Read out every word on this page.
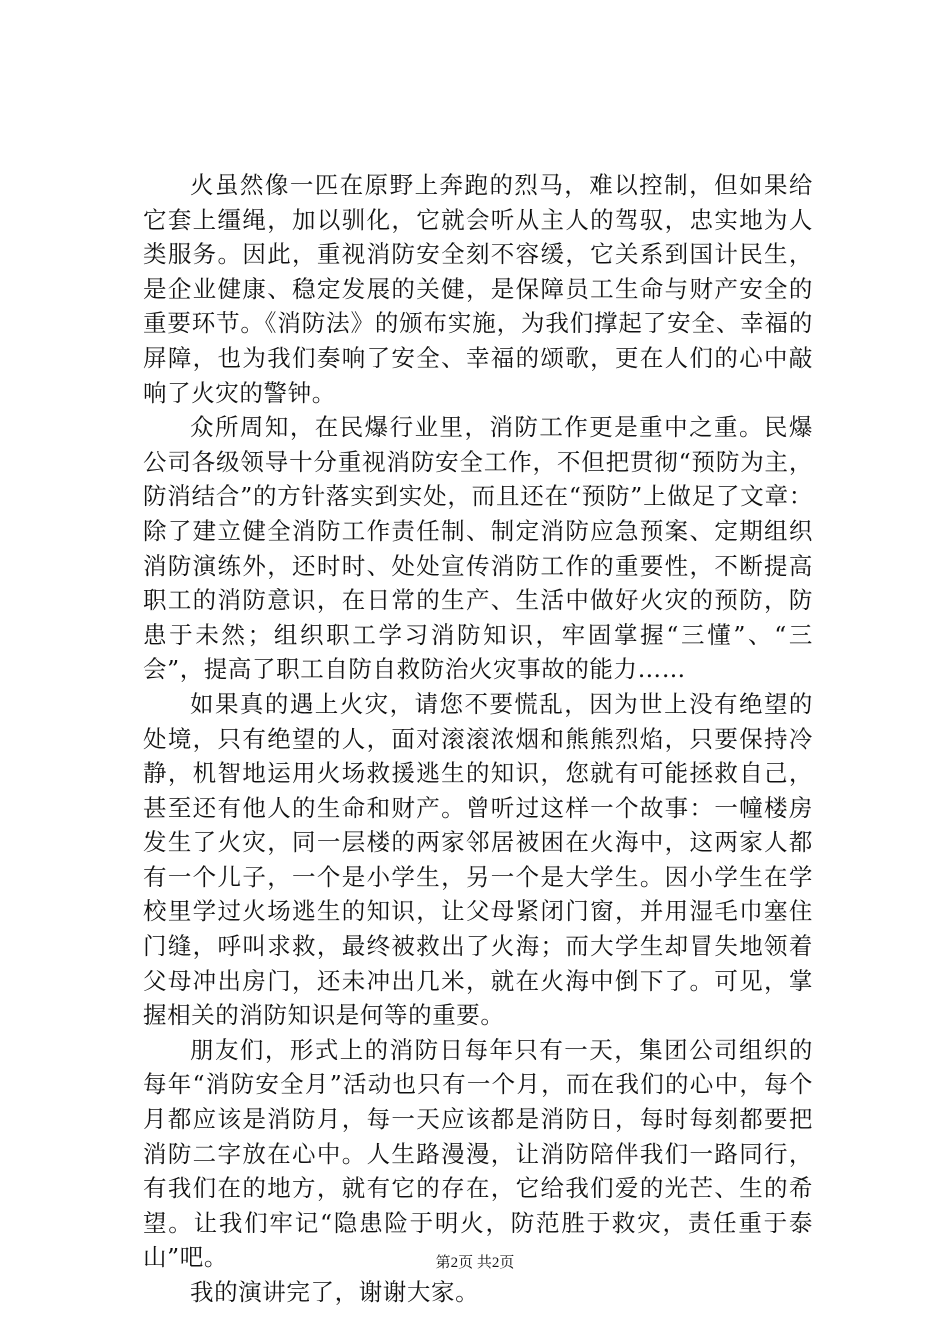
火虽然像一匹在原野上奔跑的烈马，难以控制，但如果给它套上缰绳，加以驯化，它就会听从主人的驾驭，忠实地为人类服务。因此，重视消防安全刻不容缓，它关系到国计民生，是企业健康、稳定发展的关健，是保障员工生命与财产安全的重要环节。《消防法》的颁布实施，为我们撑起了安全、幸福的屏障，也为我们奏响了安全、幸福的颂歌，更在人们的心中敲响了火灾的警钟。

众所周知，在民爆行业里，消防工作更是重中之重。民爆公司各级领导十分重视消防安全工作，不但把贯彻“预防为主，防消结合”的方针落实到实处，而且还在“预防”上做足了文章：除了建立健全消防工作责任制、制定消防应急预案、定期组织消防演练外，还时时、处处宣传消防工作的重要性，不断提高职工的消防意识，在日常的生产、生活中做好火灾的预防，防患于未然；组织职工学习消防知识，牢固掌握“三懂”、“三会”，提高了职工自防自救防治火灾事故的能力……

如果真的遇上火灾，请您不要慌乱，因为世上没有绝望的处境，只有绝望的人，面对滚滚浓烟和熊熊烈焰，只要保持冷静，机智地运用火场救援逃生的知识，您就有可能拯救自己，甚至还有他人的生命和财产。曾听过这样一个故事：一幢楼房发生了火灾，同一层楼的两家邻居被困在火海中，这两家人都有一个儿子，一个是小学生，另一个是大学生。因小学生在学校里学过火场逃生的知识，让父母紧闭门窗，并用湿毛巾塞住门缝，呼叫求救，最终被救出了火海；而大学生却冒失地领着父母冲出房门，还未冲出几米，就在火海中倒下了。可见，掌握相关的消防知识是何等的重要。

朋友们，形式上的消防日每年只有一天，集团公司组织的每年“消防安全月”活动也只有一个月，而在我们的心中，每个月都应该是消防月，每一天应该都是消防日，每时每刻都要把消防二字放在心中。人生路漫漫，让消防陪伴我们一路同行，有我们在的地方，就有它的存在，它给我们爱的光芒、生的希望。让我们牢记“隐患险于明火，防范胜于救灾，责任重于泰山”吧。

我的演讲完了，谢谢大家。

第2页 共2页
